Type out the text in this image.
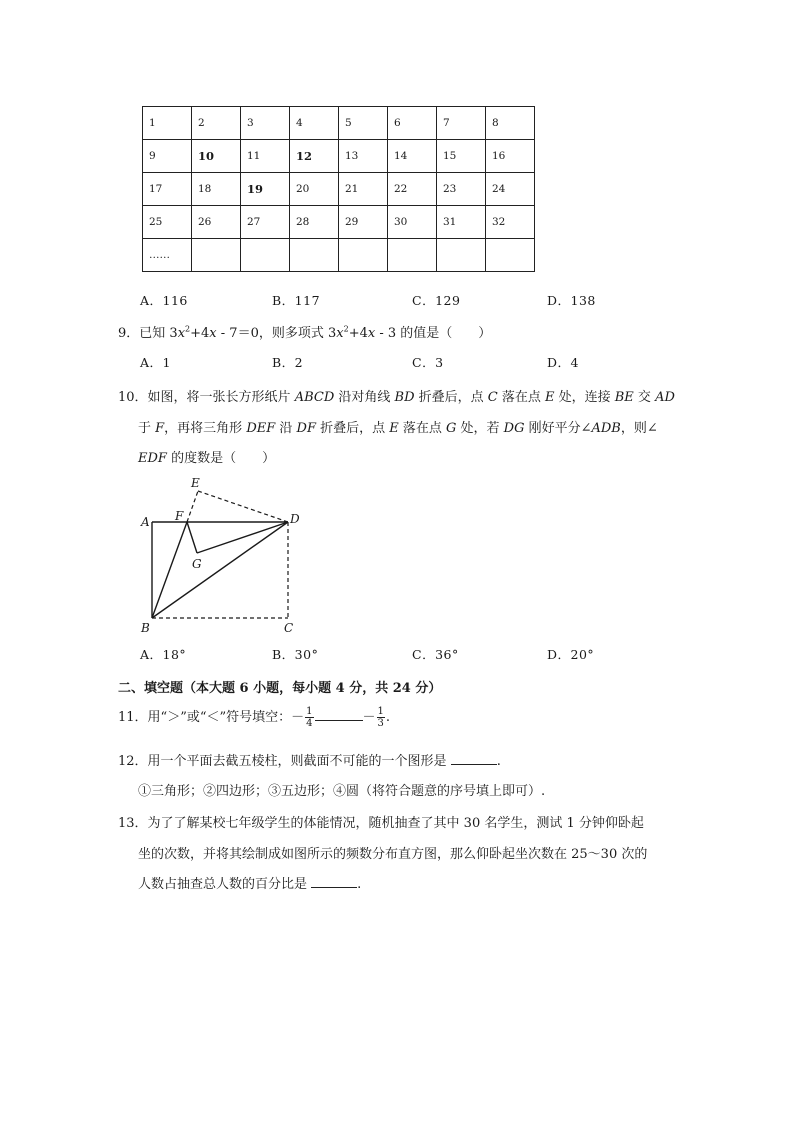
1	2	3	4	5	6	7	8
9	10	11	12	13	14	15	16
17	18	19	20	21	22	23	24
25	26	27	28	29	30	31	32
……							
A．116	B．117	C．129	D．138
9．已知 $3x^2+4x - 7=0$，则多项式 $3x^2+4x - 3$ 的值是（　　）
A．1	B．2	C．3	D．4
10．如图，将一张长方形纸片 ABCD 沿对角线 BD 折叠后，点 C 落在点 E 处，连接 BE 交 AD
于 F，再将三角形 DEF 沿 DF 折叠后，点 E 落在点 G 处，若 DG 刚好平分∠ADB，则∠
EDF 的度数是（　　）
A
B	C
D
E
F
G
A．18°	B．30°	C．36°	D．20°
二、填空题（本大题 6 小题，每小题 4 分，共 24 分）
11．用“＞”或“＜”符号填空：－ $\frac{1}{4}$	－ $\frac{1}{3}$ .
12．用一个平面去截五棱柱，则截面不可能的一个图形是	.
①三角形；②四边形；③五边形；④圆（将符合题意的序号填上即可）.
13．为了了解某校七年级学生的体能情况，随机抽查了其中 30 名学生，测试 1 分钟仰卧起
坐的次数，并将其绘制成如图所示的频数分布直方图，那么仰卧起坐次数在 25～30 次的
人数占抽查总人数的百分比是	.
